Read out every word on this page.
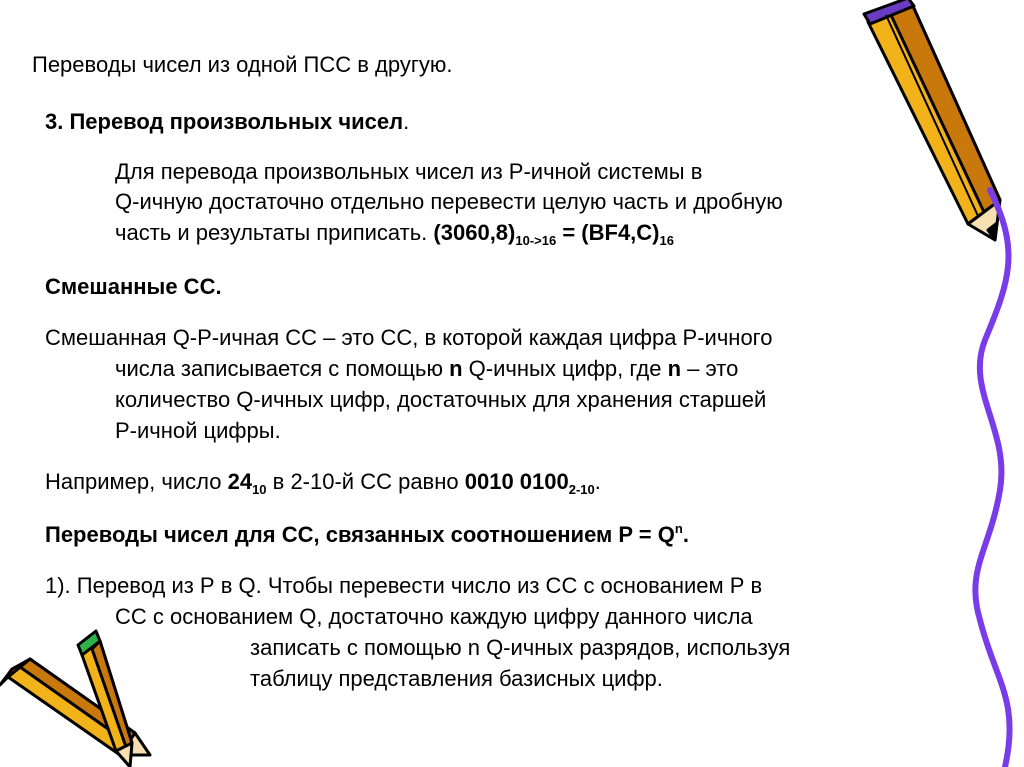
Переводы чисел из одной ПСС в другую.
3. Перевод произвольных чисел.
Для перевода произвольных чисел из Р-ичной системы в
Q-ичную достаточно отдельно перевести целую часть и дробную
часть и результаты приписать. $(3060,8)_{10->16} = (BF4,C)_{16}$
Смешанные СС.
Смешанная Q-P-ичная СС – это СС, в которой каждая цифра Р-ичного
числа записывается с помощью n Q-ичных цифр, где n – это
количество Q-ичных цифр, достаточных для хранения старшей
Р-ичной цифры.
Например, число $24_{10}$ в 2-10-й СС равно 0010 $0100_{2-10}$.
Переводы чисел для СС, связанных соотношением $P = Q^n$.
1). Перевод из Р в Q. Чтобы перевести число из СС с основанием Р в
СС с основанием Q, достаточно каждую цифру данного числа
записать с помощью n Q-ичных разрядов, используя
таблицу представления базисных цифр.
